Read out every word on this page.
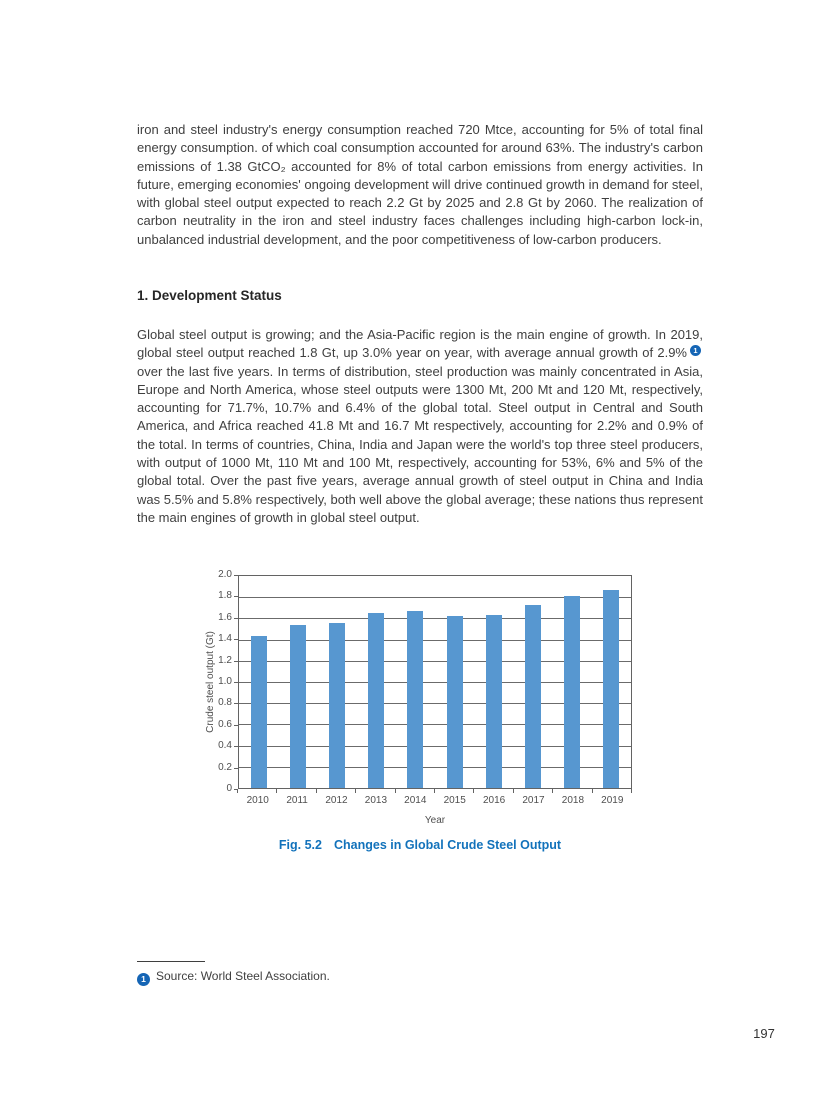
iron and steel industry's energy consumption reached 720 Mtce, accounting for 5% of total final energy consumption. of which coal consumption accounted for around 63%. The industry's carbon emissions of 1.38 GtCO₂ accounted for 8% of total carbon emissions from energy activities. In future, emerging economies' ongoing development will drive continued growth in demand for steel, with global steel output expected to reach 2.2 Gt by 2025 and 2.8 Gt by 2060. The realization of carbon neutrality in the iron and steel industry faces challenges including high-carbon lock-in, unbalanced industrial development, and the poor competitiveness of low-carbon producers.

1. Development Status

Global steel output is growing; and the Asia-Pacific region is the main engine of growth. In 2019, global steel output reached 1.8 Gt, up 3.0% year on year, with average annual growth of 2.9% 1over the last five years. In terms of distribution, steel production was mainly concentrated in Asia, Europe and North America, whose steel outputs were 1300 Mt, 200 Mt and 120 Mt, respectively, accounting for 71.7%, 10.7% and 6.4% of the global total. Steel output in Central and South America, and Africa reached 41.8 Mt and 16.7 Mt respectively, accounting for 2.2% and 0.9% of the total. In terms of countries, China, India and Japan were the world's top three steel producers, with output of 1000 Mt, 110 Mt and 100 Mt, respectively, accounting for 53%, 6% and 5% of the global total. Over the past five years, average annual growth of steel output in China and India was 5.5% and 5.8% respectively, both well above the global average; these nations thus represent the main engines of growth in global steel output.

Crude steel output (Gt)
0
0.2
0.4
0.6
0.8
1.0
1.2
1.4
1.6
1.8
2.0
2010	2011	2012	2013	2014	2015	2016	2017	2018	2019
Year
Fig. 5.2 Changes in Global Crude Steel Output
1 Source: World Steel Association.
197
